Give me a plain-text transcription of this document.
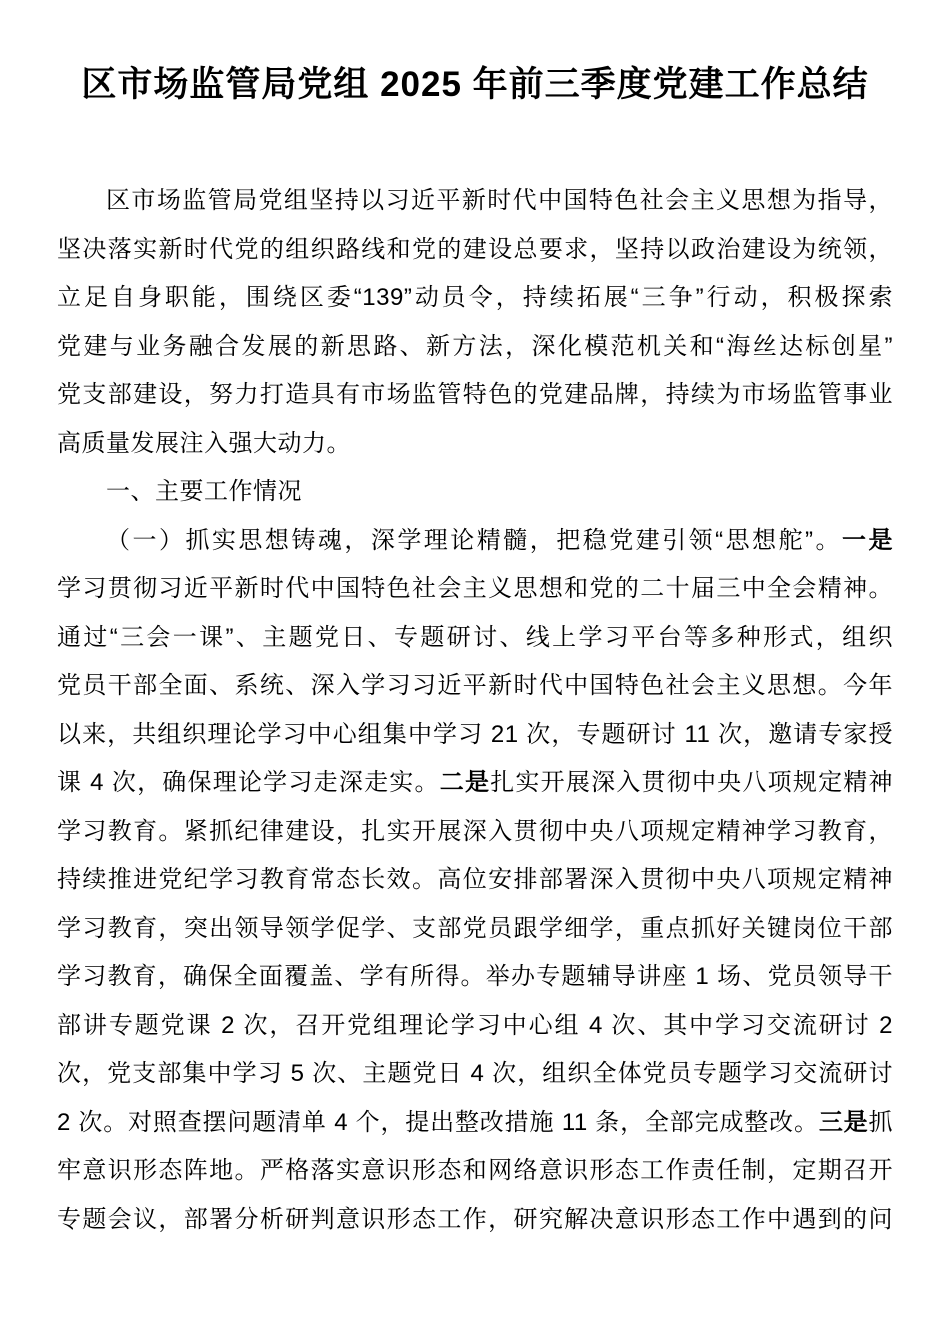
区市场监管局党组 2025 年前三季度党建工作总结
区市场监管局党组坚持以习近平新时代中国特色社会主义思想为指导，
坚决落实新时代党的组织路线和党的建设总要求，坚持以政治建设为统领，
立足自身职能，围绕区委“139”动员令，持续拓展“三争”行动，积极探索
党建与业务融合发展的新思路、新方法，深化模范机关和“海丝达标创星”
党支部建设，努力打造具有市场监管特色的党建品牌，持续为市场监管事业
高质量发展注入强大动力。
一、主要工作情况
（一）抓实思想铸魂，深学理论精髓，把稳党建引领“思想舵”。一是
学习贯彻习近平新时代中国特色社会主义思想和党的二十届三中全会精神。
通过“三会一课”、主题党日、专题研讨、线上学习平台等多种形式，组织
党员干部全面、系统、深入学习习近平新时代中国特色社会主义思想。今年
以来，共组织理论学习中心组集中学习 21 次，专题研讨 11 次，邀请专家授
课 4 次，确保理论学习走深走实。二是扎实开展深入贯彻中央八项规定精神
学习教育。紧抓纪律建设，扎实开展深入贯彻中央八项规定精神学习教育，
持续推进党纪学习教育常态长效。高位安排部署深入贯彻中央八项规定精神
学习教育，突出领导领学促学、支部党员跟学细学，重点抓好关键岗位干部
学习教育，确保全面覆盖、学有所得。举办专题辅导讲座 1 场、党员领导干
部讲专题党课 2 次，召开党组理论学习中心组 4 次、其中学习交流研讨 2
次，党支部集中学习 5 次、主题党日 4 次，组织全体党员专题学习交流研讨
2 次。对照查摆问题清单 4 个，提出整改措施 11 条，全部完成整改。三是抓
牢意识形态阵地。严格落实意识形态和网络意识形态工作责任制，定期召开
专题会议，部署分析研判意识形态工作，研究解决意识形态工作中遇到的问
